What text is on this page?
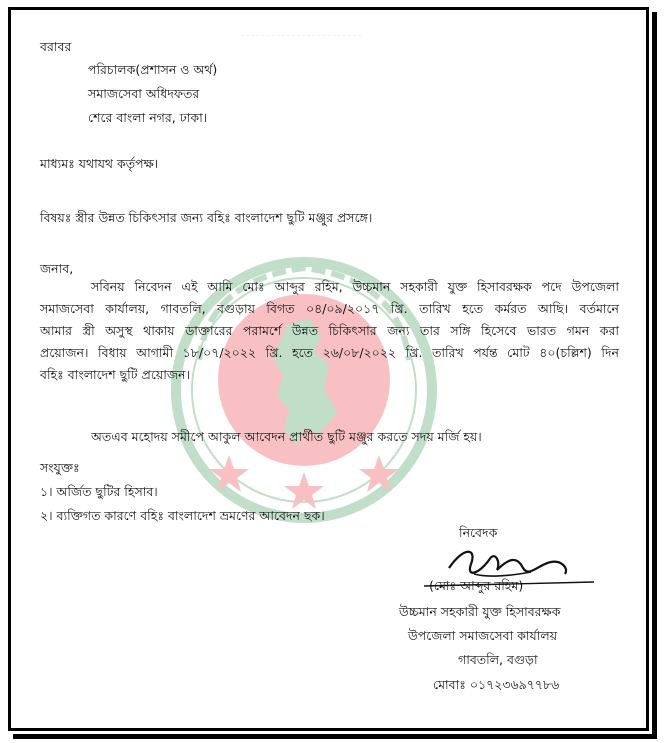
বরাবর
পরিচালক(প্রশাসন ও অর্থ)
সমাজসেবা অধিদফতর
শেরে বাংলা নগর, ঢাকা।
মাধ্যমঃ যথাযথ কর্তৃপক্ষ।
বিষয়ঃ স্ত্রীর উন্নত চিকিৎসার জন্য বহিঃ বাংলাদেশ ছুটি মঞ্জুর প্রসঙ্গে।
জনাব,
সবিনয় নিবেদন এই আমি মোঃ আব্দুর রহিম, উচ্চমান সহকারী যুক্ত হিসাবরক্ষক পদে উপজেলা
সমাজসেবা কার্যালয়, গাবতলি, বগুড়ায় বিগত ০৪/০৯/২০১৭ খ্রি. তারিখ হতে কর্মরত আছি। বর্তমানে
আমার স্ত্রী অসুস্থ থাকায় ডাক্তারের পরামর্শে উন্নত চিকিৎসার জন্য তার সঙ্গি হিসেবে ভারত গমন করা
প্রয়োজন। বিধায় আগামী ১৮/০৭/২০২২ খ্রি. হতে ২৬/০৮/২০২২ খ্রি. তারিখ পর্যন্ত মোট ৪০(চল্লিশ) দিন
বহিঃ বাংলাদেশ ছুটি প্রয়োজন।
অতএব মহোদয় সমীপে আকুল আবেদন প্রার্থীত ছুটি মঞ্জুর করতে সদয় মর্জি হয়।
সংযুক্তঃ
১। অর্জিত ছুটির হিসাব।
২। ব্যক্তিগত কারণে বহিঃ বাংলাদেশ ভ্রমণের আবেদন ছক।
নিবেদক
(মোঃ আব্দুর রহিম)
উচ্চমান সহকারী যুক্ত হিসাবরক্ষক
উপজেলা সমাজসেবা কার্যালয়
গাবতলি, বগুড়া
মোবাঃ ০১৭২৩৬৯৭৭৮৬
